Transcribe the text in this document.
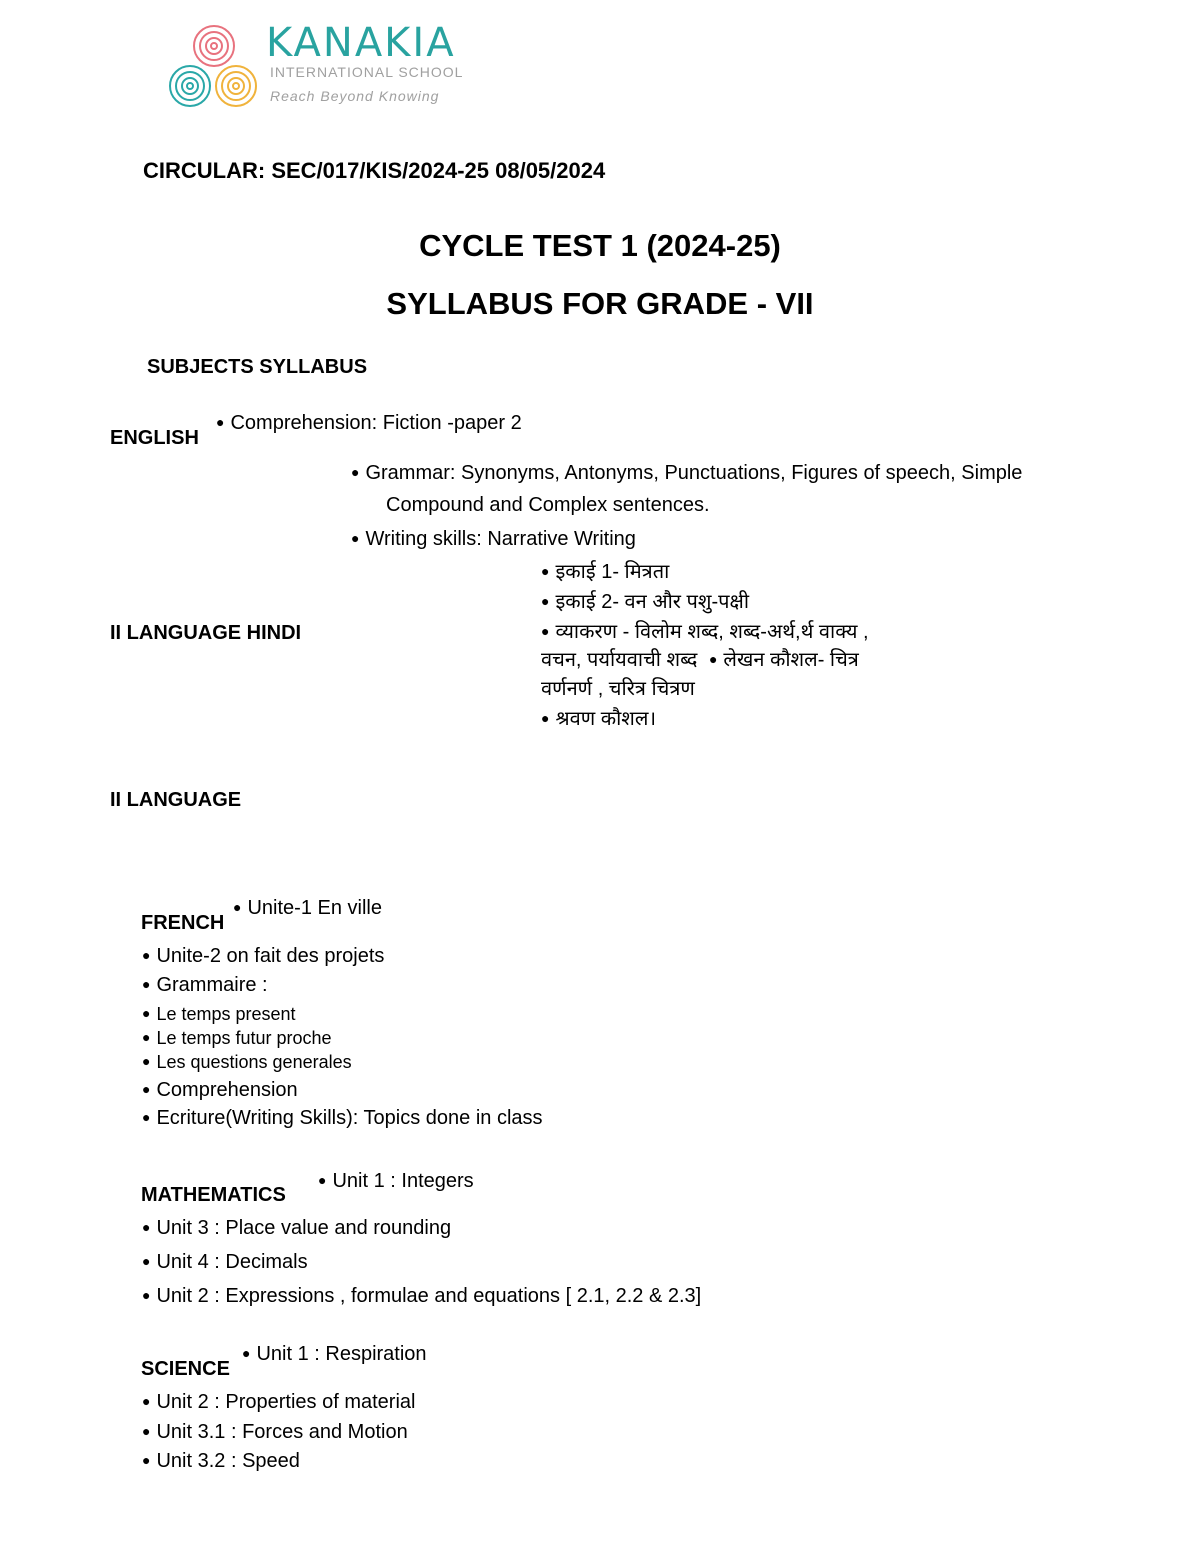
KANAKIA
INTERNATIONAL SCHOOL
Reach Beyond Knowing
CIRCULAR: SEC/017/KIS/2024-25 08/05/2024
CYCLE TEST 1 (2024-25)
SYLLABUS FOR GRADE - VII
SUBJECTS SYLLABUS
ENGLISH
● Comprehension: Fiction -paper 2
● Grammar: Synonyms, Antonyms, Punctuations, Figures of speech, Simple
Compound and Complex sentences.
● Writing skills: Narrative Writing
II LANGUAGE HINDI
● इकाई 1- मित्रता
● इकाई 2- वन और पशु-पक्षी
● व्याकरण - विलोम शब्द, शब्द-अर्थ,र्थ वाक्य ,
वचन, पर्यायवाची शब्द ● लेखन कौशल- चित्र
वर्णनर्ण , चरित्र चित्रण
● श्रवण कौशल।
II LANGUAGE
FRENCH
● Unite-1 En ville
● Unite-2 on fait des projets
● Grammaire :
● Le temps present
● Le temps futur proche
● Les questions generales
● Comprehension
● Ecriture(Writing Skills): Topics done in class
MATHEMATICS
● Unit 1 : Integers
● Unit 3 : Place value and rounding
● Unit 4 : Decimals
● Unit 2 : Expressions , formulae and equations [ 2.1, 2.2 & 2.3]
SCIENCE
● Unit 1 : Respiration
● Unit 2 : Properties of material
● Unit 3.1 : Forces and Motion
● Unit 3.2 : Speed
